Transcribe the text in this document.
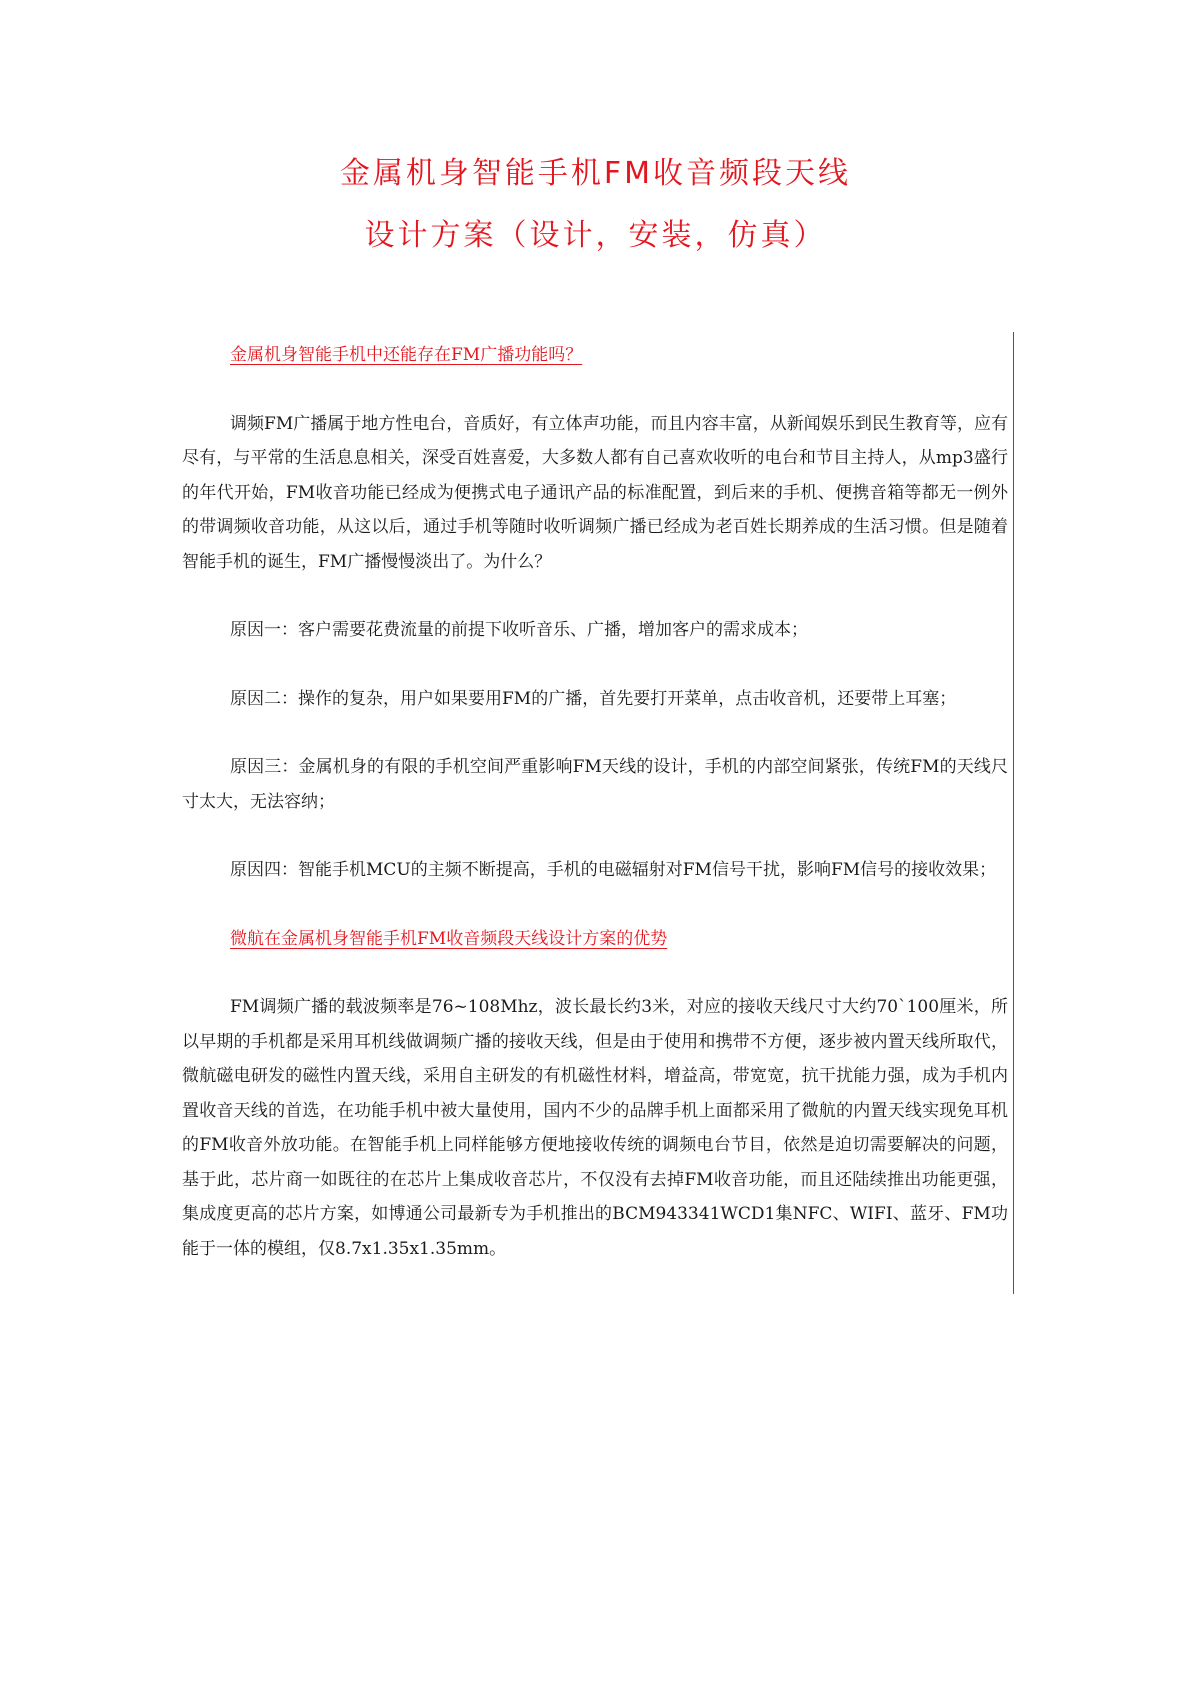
金属机身智能手机FM收音频段天线
设计方案（设计，安装，仿真）

金属机身智能手机中还能存在FM广播功能吗？

调频FM广播属于地方性电台，音质好，有立体声功能，而且内容丰富，从新闻娱乐到民生教育等，应有尽有，与平常的生活息息相关，深受百姓喜爱，大多数人都有自己喜欢收听的电台和节目主持人，从mp3盛行的年代开始，FM收音功能已经成为便携式电子通讯产品的标准配置，到后来的手机、便携音箱等都无一例外的带调频收音功能，从这以后，通过手机等随时收听调频广播已经成为老百姓长期养成的生活习惯。但是随着智能手机的诞生，FM广播慢慢淡出了。为什么？

原因一：客户需要花费流量的前提下收听音乐、广播，增加客户的需求成本；

原因二：操作的复杂，用户如果要用FM的广播，首先要打开菜单，点击收音机，还要带上耳塞；

原因三：金属机身的有限的手机空间严重影响FM天线的设计，手机的内部空间紧张，传统FM的天线尺寸太大，无法容纳；

原因四：智能手机MCU的主频不断提高，手机的电磁辐射对FM信号干扰，影响FM信号的接收效果；

微航在金属机身智能手机FM收音频段天线设计方案的优势

FM调频广播的载波频率是76~108Mhz，波长最长约3米，对应的接收天线尺寸大约70`100厘米，所以早期的手机都是采用耳机线做调频广播的接收天线，但是由于使用和携带不方便，逐步被内置天线所取代，微航磁电研发的磁性内置天线，采用自主研发的有机磁性材料，增益高，带宽宽，抗干扰能力强，成为手机内置收音天线的首选，在功能手机中被大量使用，国内不少的品牌手机上面都采用了微航的内置天线实现免耳机的FM收音外放功能。在智能手机上同样能够方便地接收传统的调频电台节目，依然是迫切需要解决的问题，基于此，芯片商一如既往的在芯片上集成收音芯片，不仅没有去掉FM收音功能，而且还陆续推出功能更强，集成度更高的芯片方案，如博通公司最新专为手机推出的BCM943341WCD1集NFC、WIFI、蓝牙、FM功能于一体的模组，仅8.7x1.35x1.35mm。
